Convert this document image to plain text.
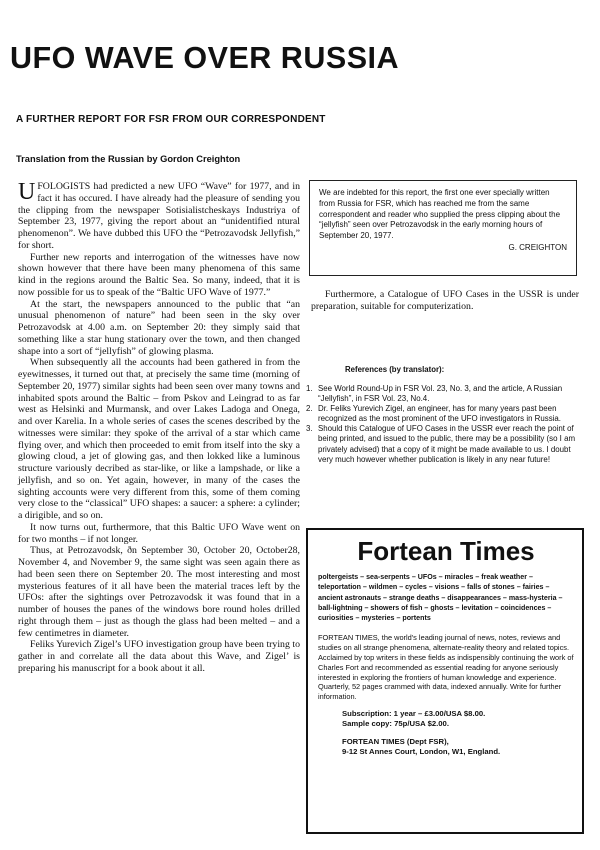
UFO WAVE OVER RUSSIA
A FURTHER REPORT FOR FSR FROM OUR CORRESPONDENT
Translation from the Russian by Gordon Creighton

UFOLOGISTS had predicted a new UFO “Wave” for 1977, and in fact it has occured. I have already had the pleasure of sending you the clipping from the newspaper Sotisialistcheskays Industriya of September 23, 1977, giving the report about an “unidentified ntural phenomenon”. We have dubbed this UFO the “Petrozavodsk Jellyfish,” for short.

Further new reports and interrogation of the witnesses have now shown however that there have been many phenomena of this same kind in the regions around the Baltic Sea. So many, indeed, that it is now possible for us to speak of the “Baltic UFO Wave of 1977.”

At the start, the newspapers announced to the public that “an unusual phenomenon of nature” had been seen in the sky over Petrozavodsk at 4.00 a.m. on September 20: they simply said that something like a star hung stationary over the town, and then changed shape into a sort of “jellyfish” of glowing plasma.

When subsequently all the accounts had been gathered in from the eyewitnesses, it turned out that, at precisely the same time (morning of September 20, 1977) similar sights had been seen over many towns and inhabited spots around the Baltic – from Pskov and Leingrad to as far west as Helsinki and Murmansk, and over Lakes Ladoga and Onega, and over Karelia. In a whole series of cases the scenes described by the witnesses were similar: they spoke of the arrival of a star which came flying over, and which then proceeded to emit from itself into the sky a glowing cloud, a jet of glowing gas, and then lokked like a luminous structure variously decribed as star-like, or like a lampshade, or like a jellyfish, and so on. Yet again, however, in many of the cases the sighting accounts were very different from this, some of them coming very close to the “classical” UFO shapes: a saucer: a sphere: a cylinder; a dirigible, and so on.

It now turns out, furthermore, that this Baltic UFO Wave went on for two months – if not longer.

Thus, at Petrozavodsk, ðn September 30, October 20, October28, November 4, and November 9, the same sight was seen again there as had been seen there on September 20. The most interesting and most mysterious features of it all have been the material traces left by the UFOs: after the sightings over Petrozavodsk it was found that in a number of houses the panes of the windows bore round holes drilled right through them – just as though the glass had been melted – and a few centimetres in diameter.

Feliks Yurevich Zigel’s UFO investigation group have been trying to gather in and correlate all the data about this Wave, and Zigel’ is preparing his manuscript for a book about it all.

We are indebted for this report, the first one ever specially written from Russia for FSR, which has reached me from the same correspondent and reader who supplied the press clipping about the “jellyfish” seen over Petrozavodsk in the early morning hours of September 20, 1977.
G. CREIGHTON

Furthermore, a Catalogue of UFO Cases in the USSR is under preparation, suitable for computerization.

References (by translator):
1. See World Round-Up in FSR Vol. 23, No. 3, and the article, A Russian “Jellyfish”, in FSR Vol. 23, No.4.
2. Dr. Feliks Yurevich Zigel, an engineer, has for many years past been recognized as the most prominent of the UFO investigators in Russia.
3. Should this Catalogue of UFO Cases in the USSR ever reach the point of being printed, and issued to the public, there may be a possibility (so I am privately advised) that a copy of it might be made available to us. I doubt very much however whether publication is likely in any near future!
Fortean Times

poltergeists – sea-serpents – UFOs – miracles – freak weather – teleportation – wildmen – cycles – visions – falls of stones – fairies – ancient astronauts – strange deaths – disappearances – mass-hysteria – ball-lightning – showers of fish – ghosts – levitation – coincidences – curiosities – mysteries – portents

FORTEAN TIMES, the world's leading journal of news, notes, reviews and studies on all strange phenomena, alternate-reality theory and related topics. Acclaimed by top writers in these fields as indispensibly continuing the work of Charles Fort and recommended as essential reading for anyone seriously interested in exploring the frontiers of human knowledge and experience. Quarterly, 52 pages crammed with data, indexed annually. Write for further information.

Subscription: 1 year – £3.00/USA $8.00.
Sample copy: 75p/USA $2.00.
FORTEAN TIMES (Dept FSR),
9-12 St Annes Court, London, W1, England.
